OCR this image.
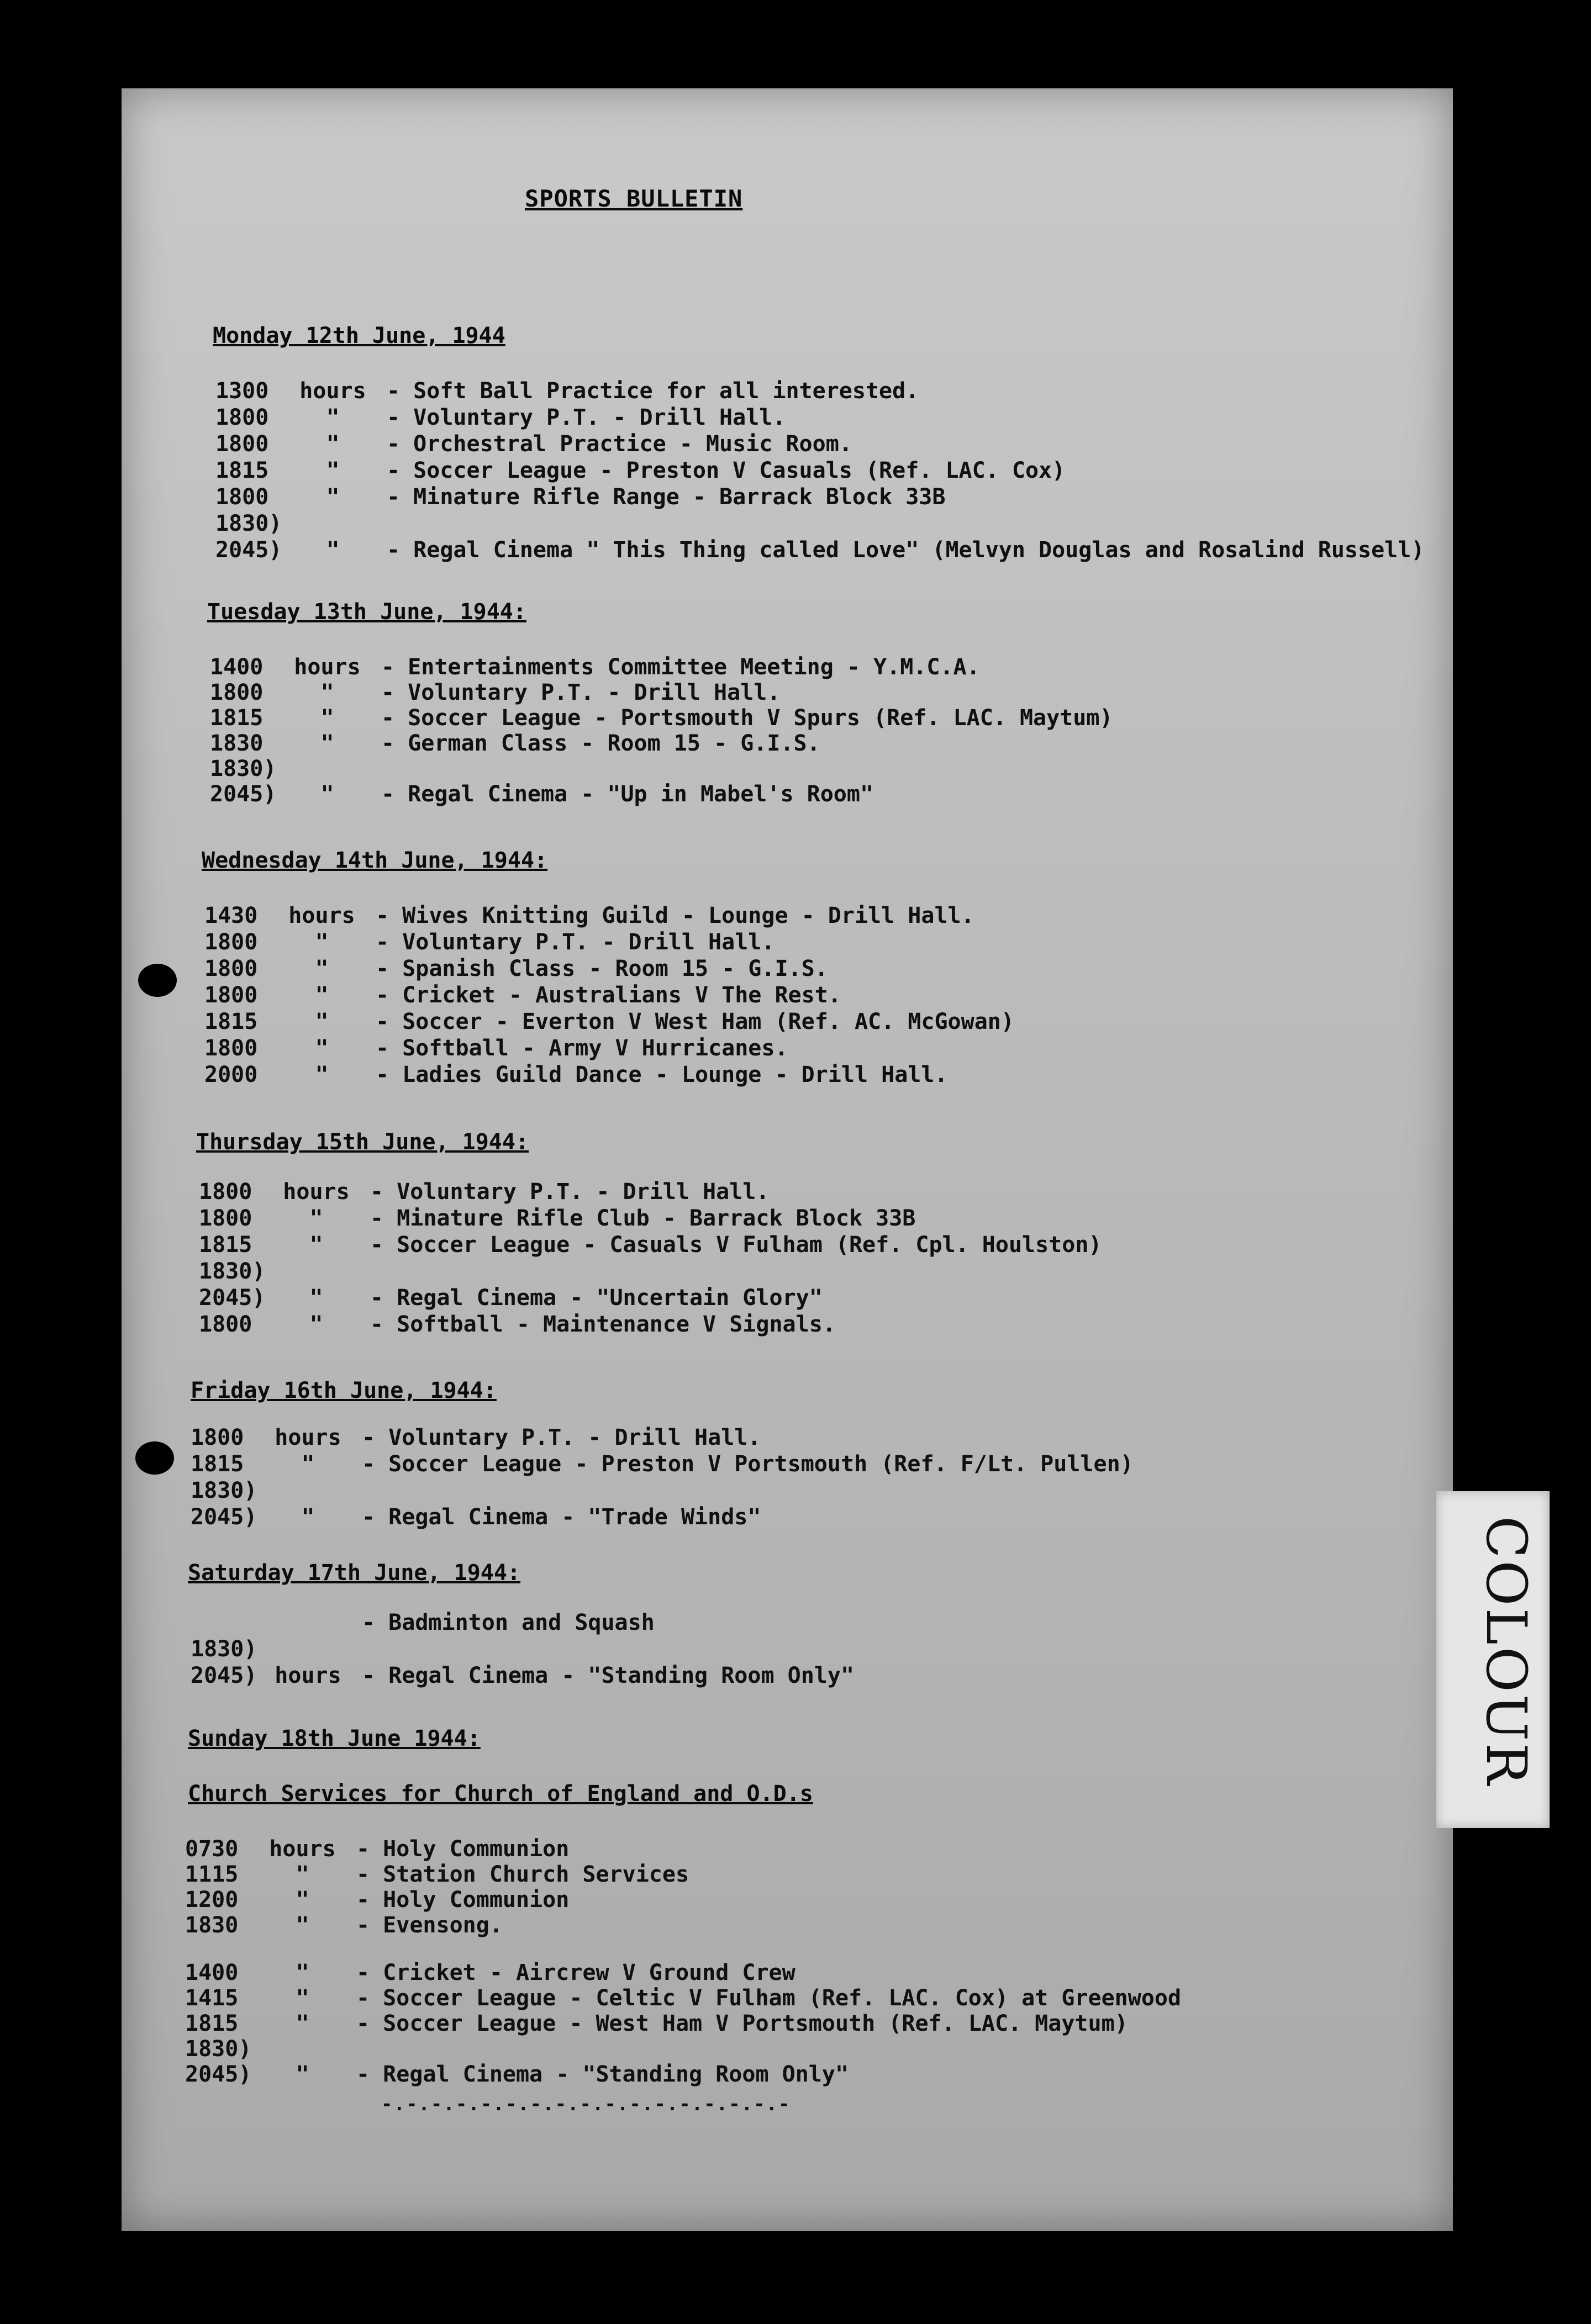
SPORTS BULLETIN
Monday 12th June, 1944
1300 hours - Soft Ball Practice for all interested.
1800	" - Voluntary P.T. - Drill Hall.
1800	" - Orchestral Practice - Music Room.
1815	" - Soccer League - Preston V Casuals (Ref. LAC. Cox)
1800	" - Minature Rifle Range - Barrack Block 33B
1830)
2045) " - Regal Cinema " This Thing called Love" (Melvyn Douglas and Rosalind Russell)
Tuesday 13th June, 1944:
1400 hours - Entertainments Committee Meeting - Y.M.C.A.
1800	" - Voluntary P.T. - Drill Hall.
1815	" - Soccer League - Portsmouth V Spurs (Ref. LAC. Maytum)
1830	" - German Class - Room 15 - G.I.S.
1830)
2045) " - Regal Cinema - "Up in Mabel's Room"
Wednesday 14th June, 1944:
1430 hours - Wives Knitting Guild - Lounge - Drill Hall.
1800	" - Voluntary P.T. - Drill Hall.
1800	" - Spanish Class - Room 15 - G.I.S.
1800	" - Cricket - Australians V The Rest.
1815	" - Soccer - Everton V West Ham (Ref. AC. McGowan)
1800	" - Softball - Army V Hurricanes.
2000	" - Ladies Guild Dance - Lounge - Drill Hall.
Thursday 15th June, 1944:
1800 hours - Voluntary P.T. - Drill Hall.
1800	" - Minature Rifle Club - Barrack Block 33B
1815	" - Soccer League - Casuals V Fulham (Ref. Cpl. Houlston)
1830)
2045) " - Regal Cinema - "Uncertain Glory"
1800	" - Softball - Maintenance V Signals.
Friday 16th June, 1944:
1800 hours - Voluntary P.T. - Drill Hall.
1815	" - Soccer League - Preston V Portsmouth (Ref. F/Lt. Pullen)
1830)
2045) " - Regal Cinema - "Trade Winds"
Saturday 17th June, 1944:
- Badminton and Squash
1830)
2045) hours - Regal Cinema - "Standing Room Only"
Sunday 18th June 1944:
Church Services for Church of England and O.D.s
0730 hours - Holy Communion
1115	" - Station Church Services
1200	" - Holy Communion
1830	" - Evensong.
1400	" - Cricket - Aircrew V Ground Crew
1415	" - Soccer League - Celtic V Fulham (Ref. LAC. Cox) at Greenwood
1815	" - Soccer League - West Ham V Portsmouth (Ref. LAC. Maytum)
1830)
2045) " - Regal Cinema - "Standing Room Only"
-.-.-.-.-.-.-.-.-.-.-.-.-.-.-.-.-
COLOUR
